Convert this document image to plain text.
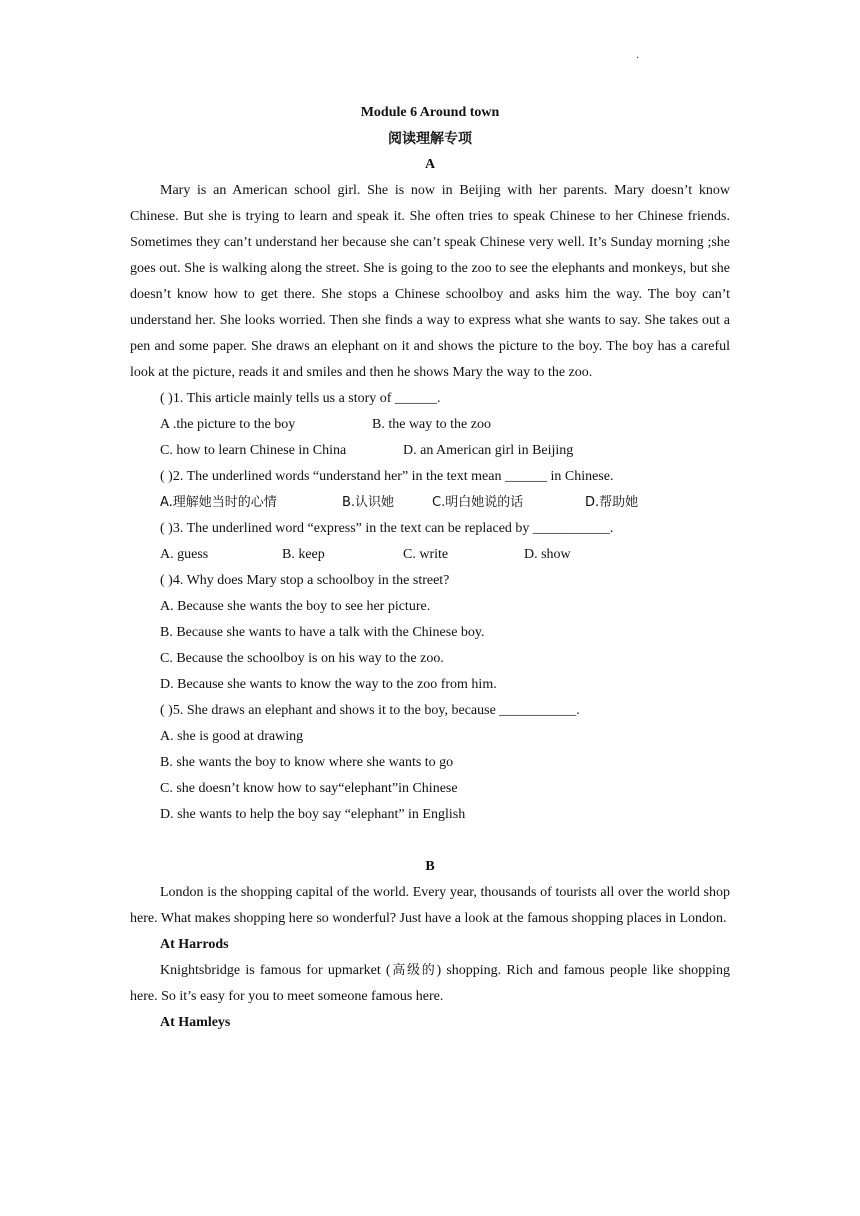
·
Module 6 Around town
阅读理解专项
A

Mary is an American school girl. She is now in Beijing with her parents. Mary doesn’t know Chinese. But she is trying to learn and speak it. She often tries to speak Chinese to her Chinese friends. Sometimes they can’t understand her because she can’t speak Chinese very well. It’s Sunday morning ;she goes out. She is walking along the street. She is going to the zoo to see the elephants and monkeys, but she doesn’t know how to get there. She stops a Chinese schoolboy and asks him the way. The boy can’t understand her. She looks worried. Then she finds a way to express what she wants to say. She takes out a pen and some paper. She draws an elephant on it and shows the picture to the boy. The boy has a careful look at the picture, reads it and smiles and then he shows Mary the way to the zoo.

( )1. This article mainly tells us a story of ______.
A .the picture to the boy	B. the way to the zoo
C. how to learn Chinese in China	D. an American girl in Beijing
( )2. The underlined words “understand her” in the text mean ______ in Chinese.
A.理解她当时的心情	B.认识她	C.明白她说的话	D.帮助她
( )3. The underlined word “express” in the text can be replaced by ___________.
A. guess	B. keep	C. write	D. show
( )4. Why does Mary stop a schoolboy in the street?
A. Because she wants the boy to see her picture.
B. Because she wants to have a talk with the Chinese boy.
C. Because the schoolboy is on his way to the zoo.
D. Because she wants to know the way to the zoo from him.
( )5. She draws an elephant and shows it to the boy, because ___________.
A. she is good at drawing
B. she wants the boy to know where she wants to go
C. she doesn’t know how to say“elephant”in Chinese
D. she wants to help the boy say “elephant” in English
B

London is the shopping capital of the world. Every year, thousands of tourists all over the world shop here. What makes shopping here so wonderful? Just have a look at the famous shopping places in London.

At Harrods

Knightsbridge is famous for upmarket (高级的) shopping. Rich and famous people like shopping here. So it’s easy for you to meet someone famous here.

At Hamleys
